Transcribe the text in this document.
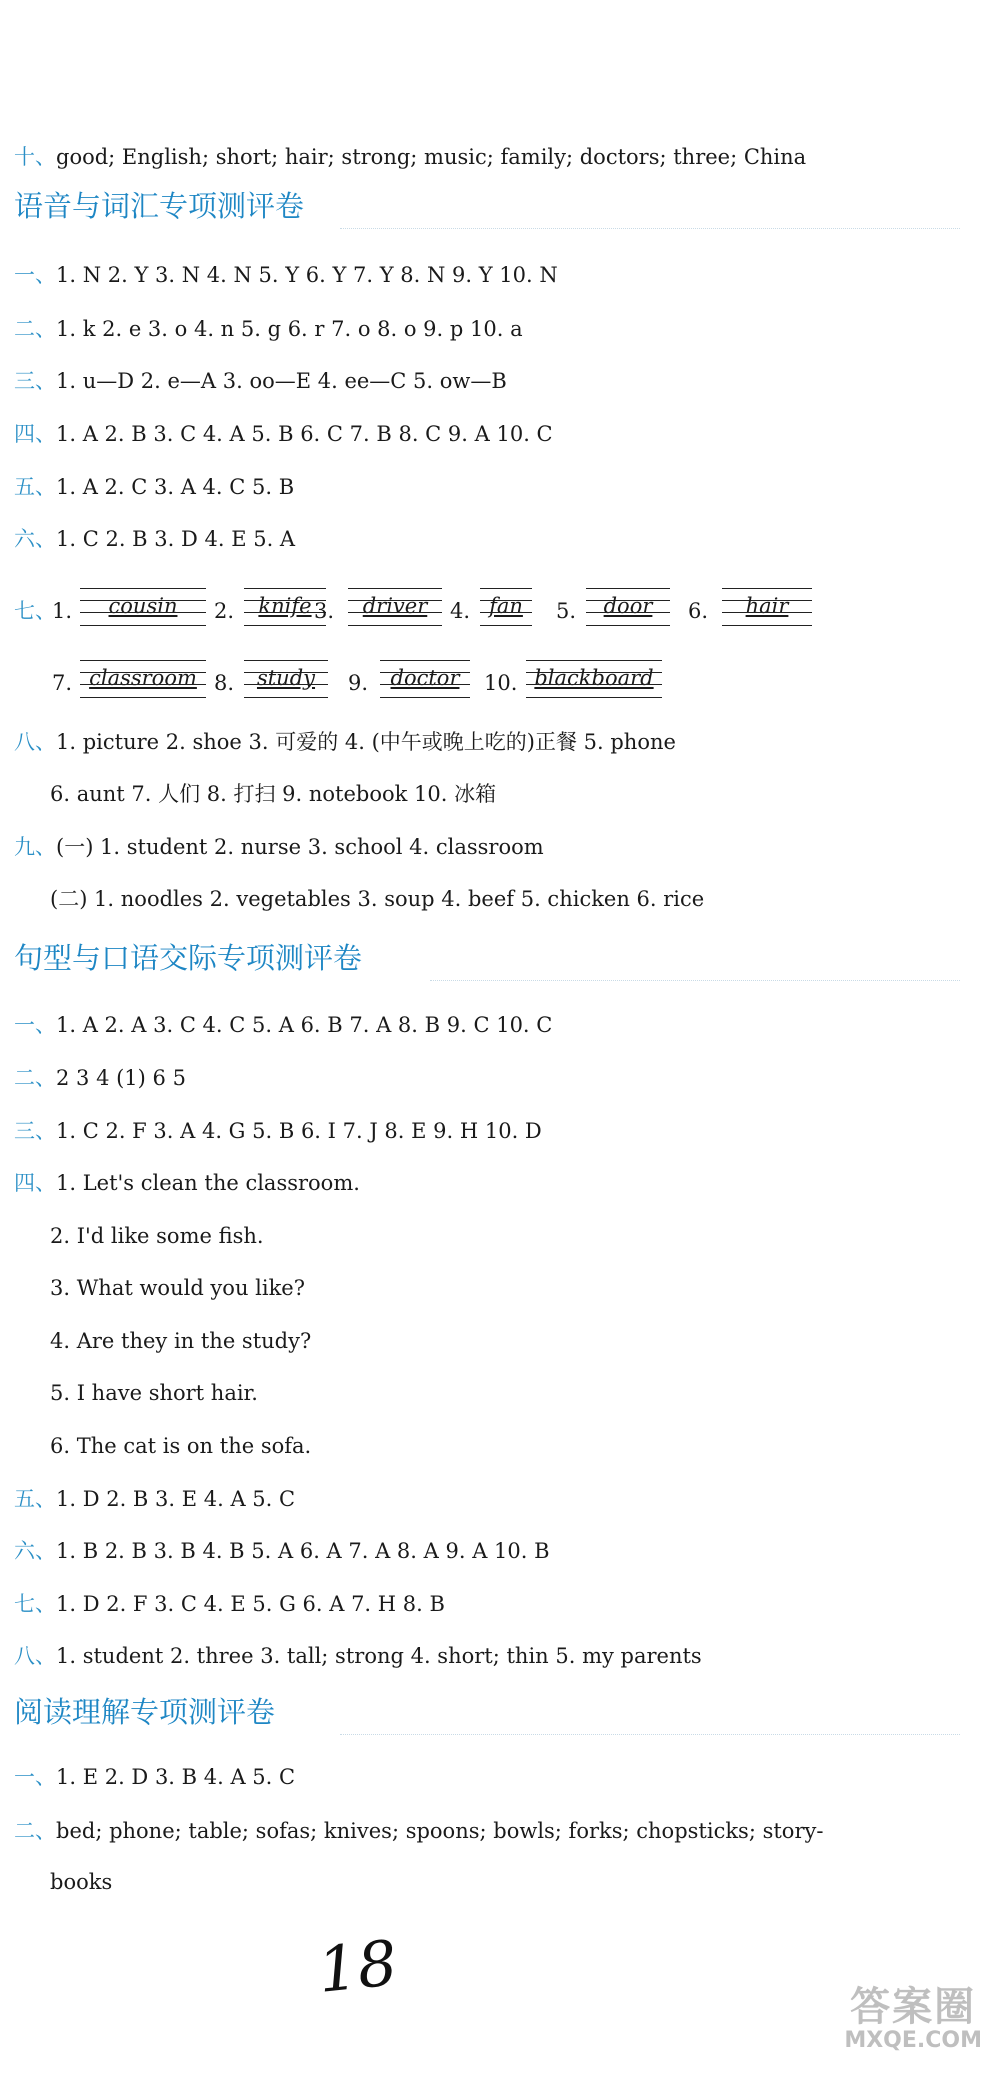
十、good; English; short; hair; strong; music; family; doctors; three; China
语音与词汇专项测评卷
一、1. N 2. Y 3. N 4. N 5. Y 6. Y 7. Y 8. N 9. Y 10. N
二、1. k 2. e 3. o 4. n 5. g 6. r 7. o 8. o 9. p 10. a
三、1. u—D 2. e—A 3. oo—E 4. ee—C 5. ow—B
四、1. A 2. B 3. C 4. A 5. B 6. C 7. B 8. C 9. A 10. C
五、1. A 2. C 3. A 4. C 5. B
六、1. C 2. B 3. D 4. E 5. A
七、
1.	cousin	2.	knife 3.	driver	4. fan 5.	door	6.	hair
7. classroom 8.	study	9.	doctor	10. blackboard
八、1. picture 2. shoe 3. 可爱的 4. (中午或晚上吃的)正餐 5. phone
6. aunt 7. 人们 8. 打扫 9. notebook 10. 冰箱
九、(一) 1. student 2. nurse 3. school 4. classroom
(二) 1. noodles 2. vegetables 3. soup 4. beef 5. chicken 6. rice
句型与口语交际专项测评卷
一、1. A 2. A 3. C 4. C 5. A 6. B 7. A 8. B 9. C 10. C
二、2 3 4 (1) 6 5
三、1. C 2. F 3. A 4. G 5. B 6. I 7. J 8. E 9. H 10. D
四、1. Let's clean the classroom.
2. I'd like some fish.
3. What would you like?
4. Are they in the study?
5. I have short hair.
6. The cat is on the sofa.
五、1. D 2. B 3. E 4. A 5. C
六、1. B 2. B 3. B 4. B 5. A 6. A 7. A 8. A 9. A 10. B
七、1. D 2. F 3. C 4. E 5. G 6. A 7. H 8. B
八、1. student 2. three 3. tall; strong 4. short; thin 5. my parents
阅读理解专项测评卷
一、1. E 2. D 3. B 4. A 5. C
二、bed; phone; table; sofas; knives; spoons; bowls; forks; chopsticks; story-
books
18
答案圈
MXQE.COM
